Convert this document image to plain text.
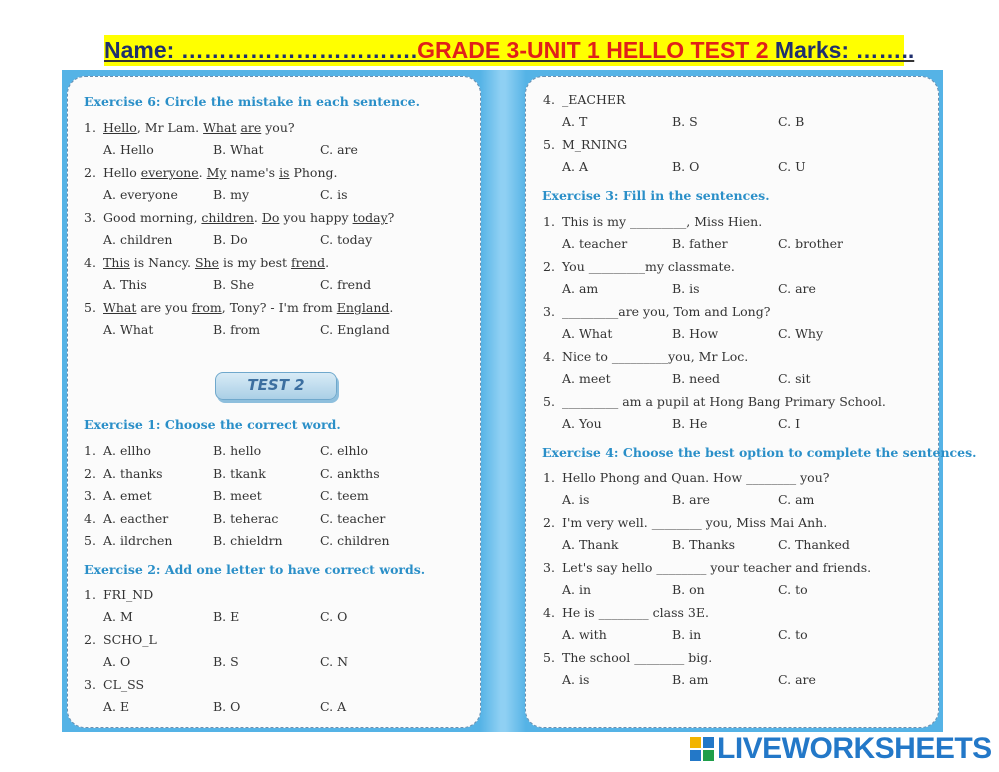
Name: ………………………….GRADE 3-UNIT 1 HELLO TEST 2 Marks: ……..
Exercise 6: Circle the mistake in each sentence.
1. Hello, Mr Lam. What are you?
A. Hello	B. What	C. are
2. Hello everyone. My name's is Phong.
A. everyone	B. my	C. is
3. Good morning, children. Do you happy today?
A. children	B. Do	C. today
4. This is Nancy. She is my best frend.
A. This	B. She	C. frend
5. What are you from, Tony? - I'm from England.
A. What	B. from	C. England
Exercise 1: Choose the correct word.
1. A. ellho	B. hello	C. elhlo
2. A. thanks	B. tkank	C. ankths
3. A. emet	B. meet	C. teem
4. A. eacther	B. teherac	C. teacher
5. A. ildrchen	B. chieldrn	C. children
Exercise 2: Add one letter to have correct words.
1. FRI_ND
A. M	B. E	C. O
2. SCHO_L
A. O	B. S	C. N
3. CL_SS
A. E	B. O	C. A
4. _EACHER
A. T	B. S	C. B
5. M_RNING
A. A	B. O	C. U
Exercise 3: Fill in the sentences.
1. This is my _________, Miss Hien.
A. teacher	B. father	C. brother
2. You _________my classmate.
A. am	B. is	C. are
3. _________are you, Tom and Long?
A. What	B. How	C. Why
4. Nice to _________you, Mr Loc.
A. meet	B. need	C. sit
5. _________ am a pupil at Hong Bang Primary School.
A. You	B. He	C. I
Exercise 4: Choose the best option to complete the sentences.
1. Hello Phong and Quan. How ________ you?
A. is	B. are	C. am
2. I'm very well. ________ you, Miss Mai Anh.
A. Thank	B. Thanks	C. Thanked
3. Let's say hello ________ your teacher and friends.
A. in	B. on	C. to
4. He is ________ class 3E.
A. with	B. in	C. to
5. The school ________ big.
A. is	B. am	C. are
TEST 2
LIVEWORKSHEETS
